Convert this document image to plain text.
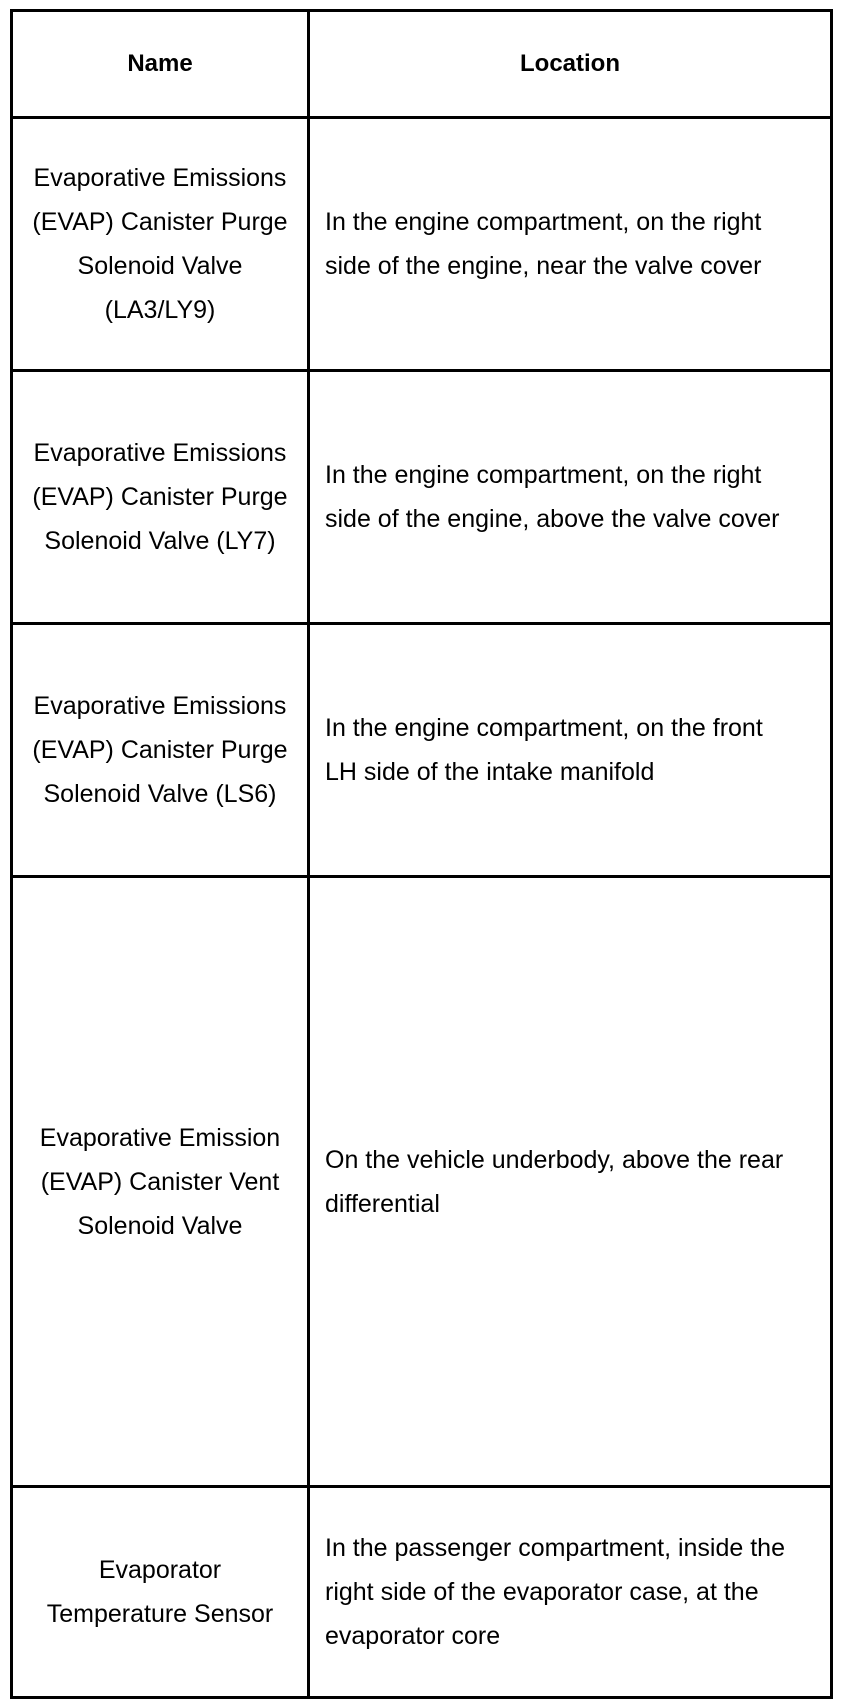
Name	Location
Evaporative Emissions (EVAP) Canister Purge Solenoid Valve (LA3/LY9)	In the engine compartment, on the right side of the engine, near the valve cover
Evaporative Emissions (EVAP) Canister Purge Solenoid Valve (LY7)	In the engine compartment, on the right side of the engine, above the valve cover
Evaporative Emissions (EVAP) Canister Purge Solenoid Valve (LS6)	In the engine compartment, on the front LH side of the intake manifold
Evaporative Emission (EVAP) Canister Vent Solenoid Valve	On the vehicle underbody, above the rear differential
Evaporator Temperature Sensor	In the passenger compartment, inside the right side of the evaporator case, at the evaporator core
